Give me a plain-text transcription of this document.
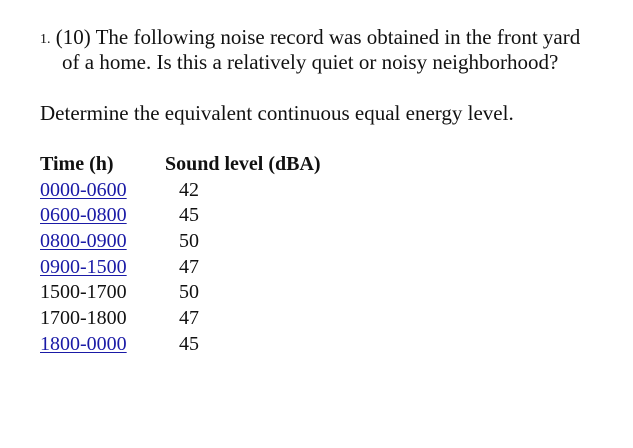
1. (10) The following noise record was obtained in the front yard
of a home. Is this a relatively quiet or noisy neighborhood?
Determine the equivalent continuous equal energy level.
Time (h)	Sound level (dBA)
0000-0600	42
0600-0800	45
0800-0900	50
0900-1500	47
1500-1700	50
1700-1800	47
1800-0000	45
